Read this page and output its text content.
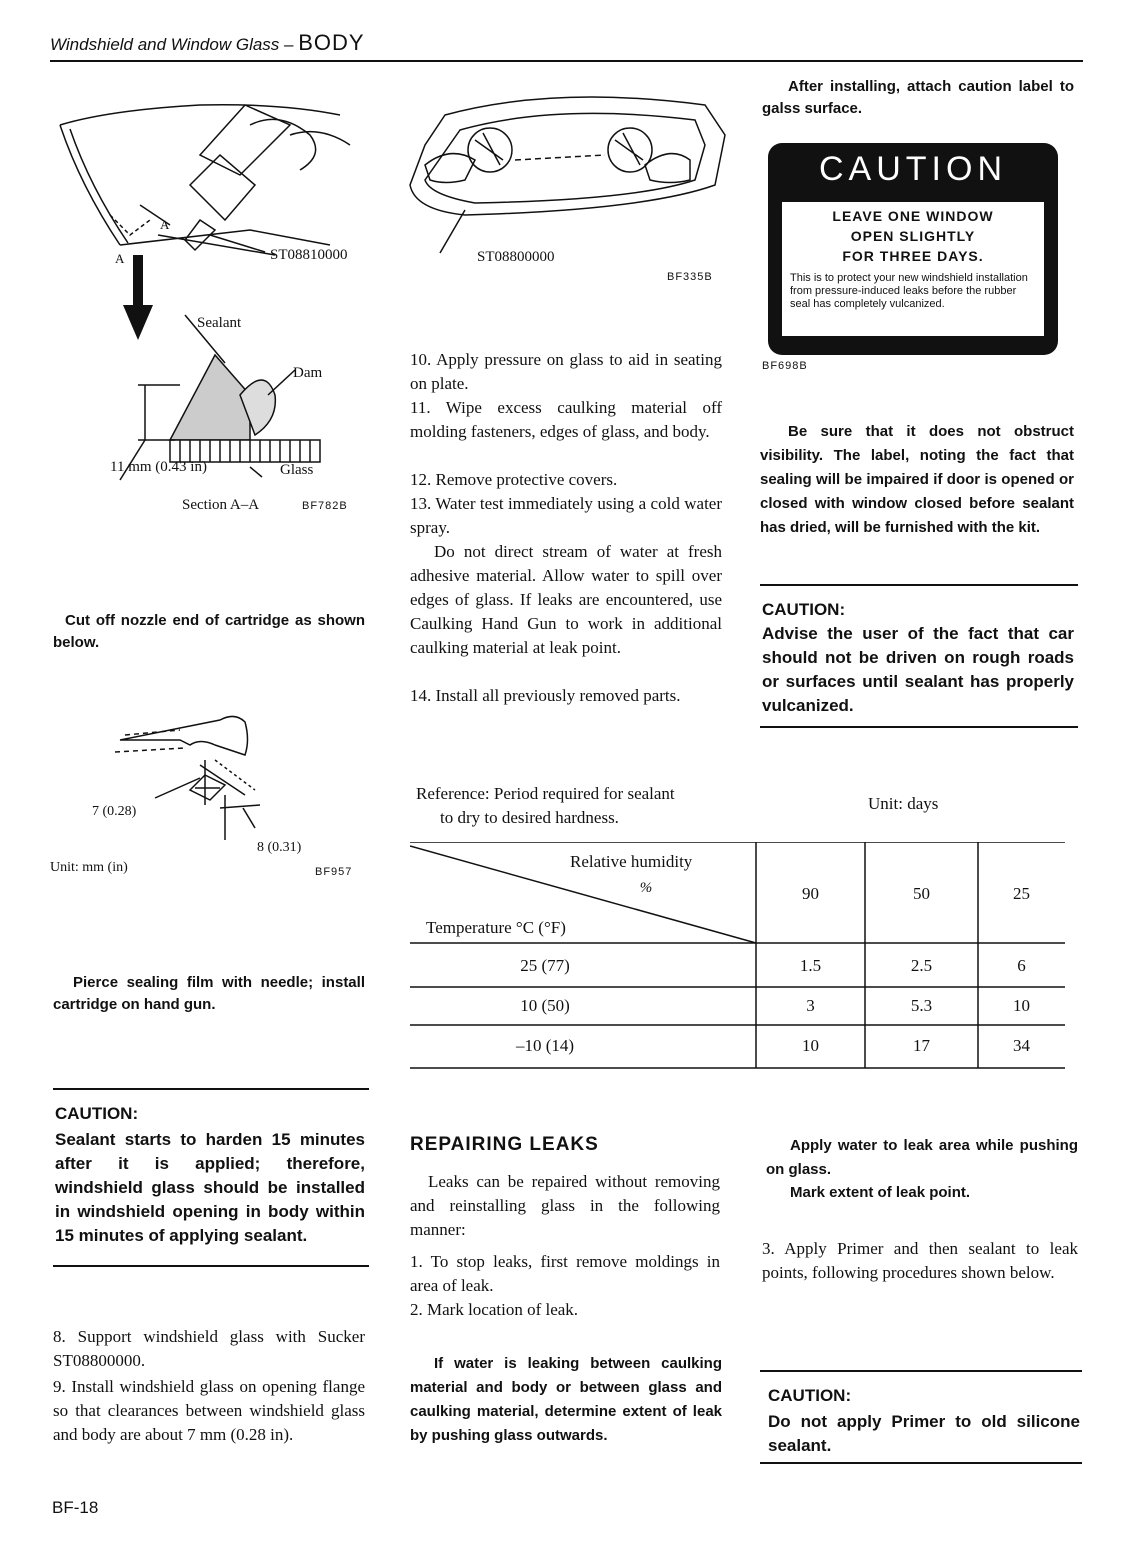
Windshield and Window Glass – BODY
ST08810000
A
A
Sealant
Dam
Glass
11 mm (0.43 in)
Section A–A	BF782B
Cut off nozzle end of cartridge as shown below.
7 (0.28)
8 (0.31)
Unit: mm (in)	BF957
Pierce sealing film with needle; install cartridge on hand gun.
CAUTION:
Sealant starts to harden 15 minutes after it is applied; therefore, windshield glass should be installed in windshield opening in body within 15 minutes of applying sealant.
8. Support windshield glass with Sucker ST08800000.
9. Install windshield glass on opening flange so that clearances between windshield glass and body are about 7 mm (0.28 in).
ST08800000
BF335B
10. Apply pressure on glass to aid in seating on plate.
11. Wipe excess caulking material off molding fasteners, edges of glass, and body.
12. Remove protective covers.
13. Water test immediately using a cold water spray.
Do not direct stream of water at fresh adhesive material. Allow water to spill over edges of glass. If leaks are encountered, use Caulking Hand Gun to work in additional caulking material at leak point.
14. Install all previously removed parts.
Reference: Period required for sealant
to dry to desired hardness.
Unit: days
Relative humidity
%
Temperature °C (°F)
90	50	25
25 (77)	1.5	2.5	6
10 (50)	3	5.3	10
–10 (14)	10	17	34
After installing, attach caution label to galss surface.
CAUTION
LEAVE ONE WINDOW
OPEN SLIGHTLY
FOR THREE DAYS.
This is to protect your new windshield installation from pressure-induced leaks before the rubber seal has completely vulcanized.
BF698B
Be sure that it does not obstruct visibility. The label, noting the fact that sealing will be impaired if door is opened or closed with window closed before sealant has dried, will be furnished with the kit.
CAUTION:
Advise the user of the fact that car should not be driven on rough roads or surfaces until sealant has properly vulcanized.
REPAIRING LEAKS
Leaks can be repaired without removing and reinstalling glass in the following manner:
1. To stop leaks, first remove moldings in area of leak.
2. Mark location of leak.
If water is leaking between caulking material and body or between glass and caulking material, determine extent of leak by pushing glass outwards.
Apply water to leak area while pushing on glass.
Mark extent of leak point.
3. Apply Primer and then sealant to leak points, following procedures shown below.
CAUTION:
Do not apply Primer to old silicone sealant.
BF-18
